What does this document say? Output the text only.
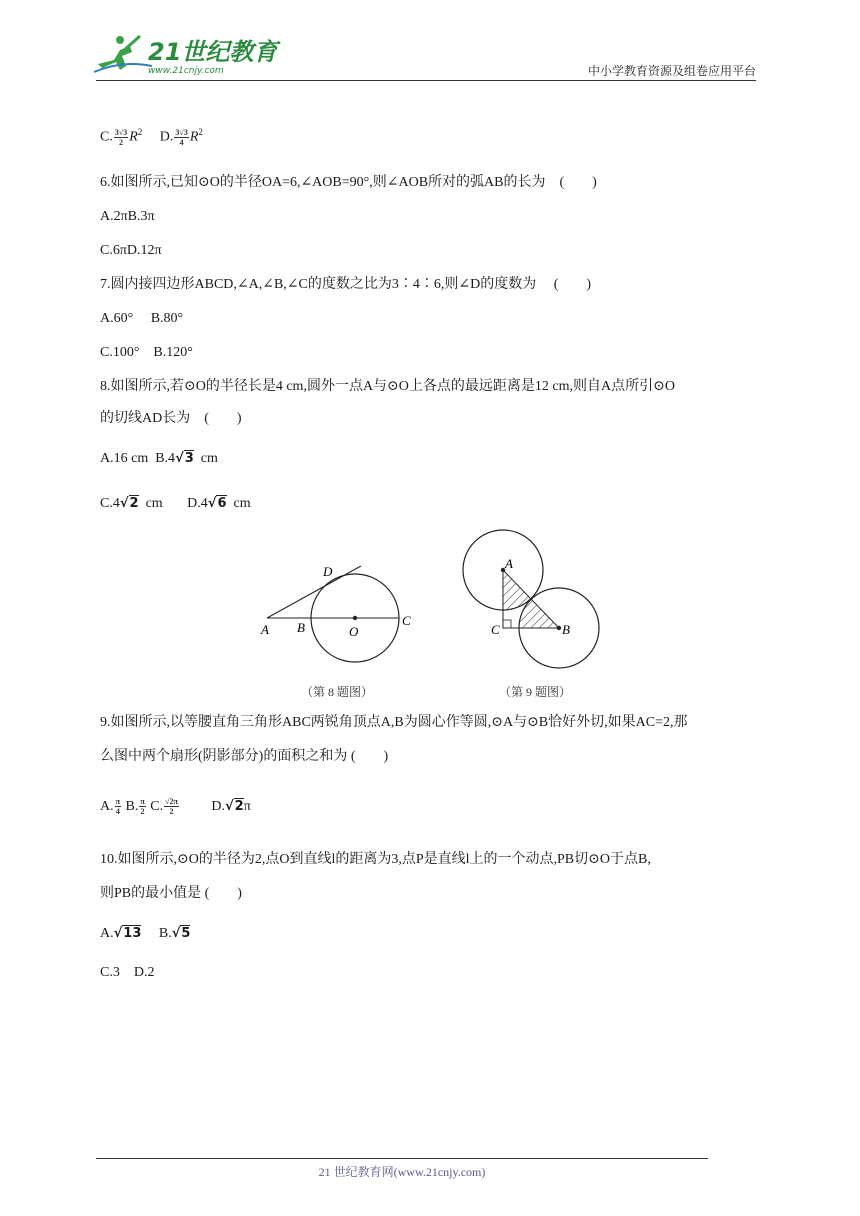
21世纪教育
www.21cnjy.com	中小学教育资源及组卷应用平台
C. $\frac{3√3}{2} R^2$ D. $\frac{3√3}{4} R^2$
6.如图所示,已知⊙O的半径OA=6,∠AOB=90°,则∠AOB所对的弧AB的长为 (　　)
A.2πB.3π
C.6πD.12π
7.圆内接四边形ABCD,∠A,∠B,∠C的度数之比为3∶4∶6,则∠D的度数为 (　　)
A.60°　 B.80°
C.100°　B.120°
8.如图所示,若⊙O的半径长是4 cm,圆外一点A与⊙O上各点的最远距离是12 cm,则自A点所引⊙O
的切线AD长为 (　　)
A.16 cm B.4√3 cm
C.4√2 cm D.4√6 cm
A B	O
C
D
（第 8 题图）
A
B
C
（第 9 题图）
9.如图所示,以等腰直角三角形ABC两锐角顶点A,B为圆心作等圆,⊙A与⊙B恰好外切,如果AC=2,那
么图中两个扇形(阴影部分)的面积之和为 (　　)
A. $\frac{\pi}{4} B$. $\frac{\pi}{2} C$. $\frac{√2\pi}{2} D.√2\pi$
10.如图所示,⊙O的半径为2,点O到直线l的距离为3,点P是直线l上的一个动点,PB切⊙O于点B,
则PB的最小值是 (　　)
A.√13 B.√5
C.3　D.2
21 世纪教育网(www.21cnjy.com)
